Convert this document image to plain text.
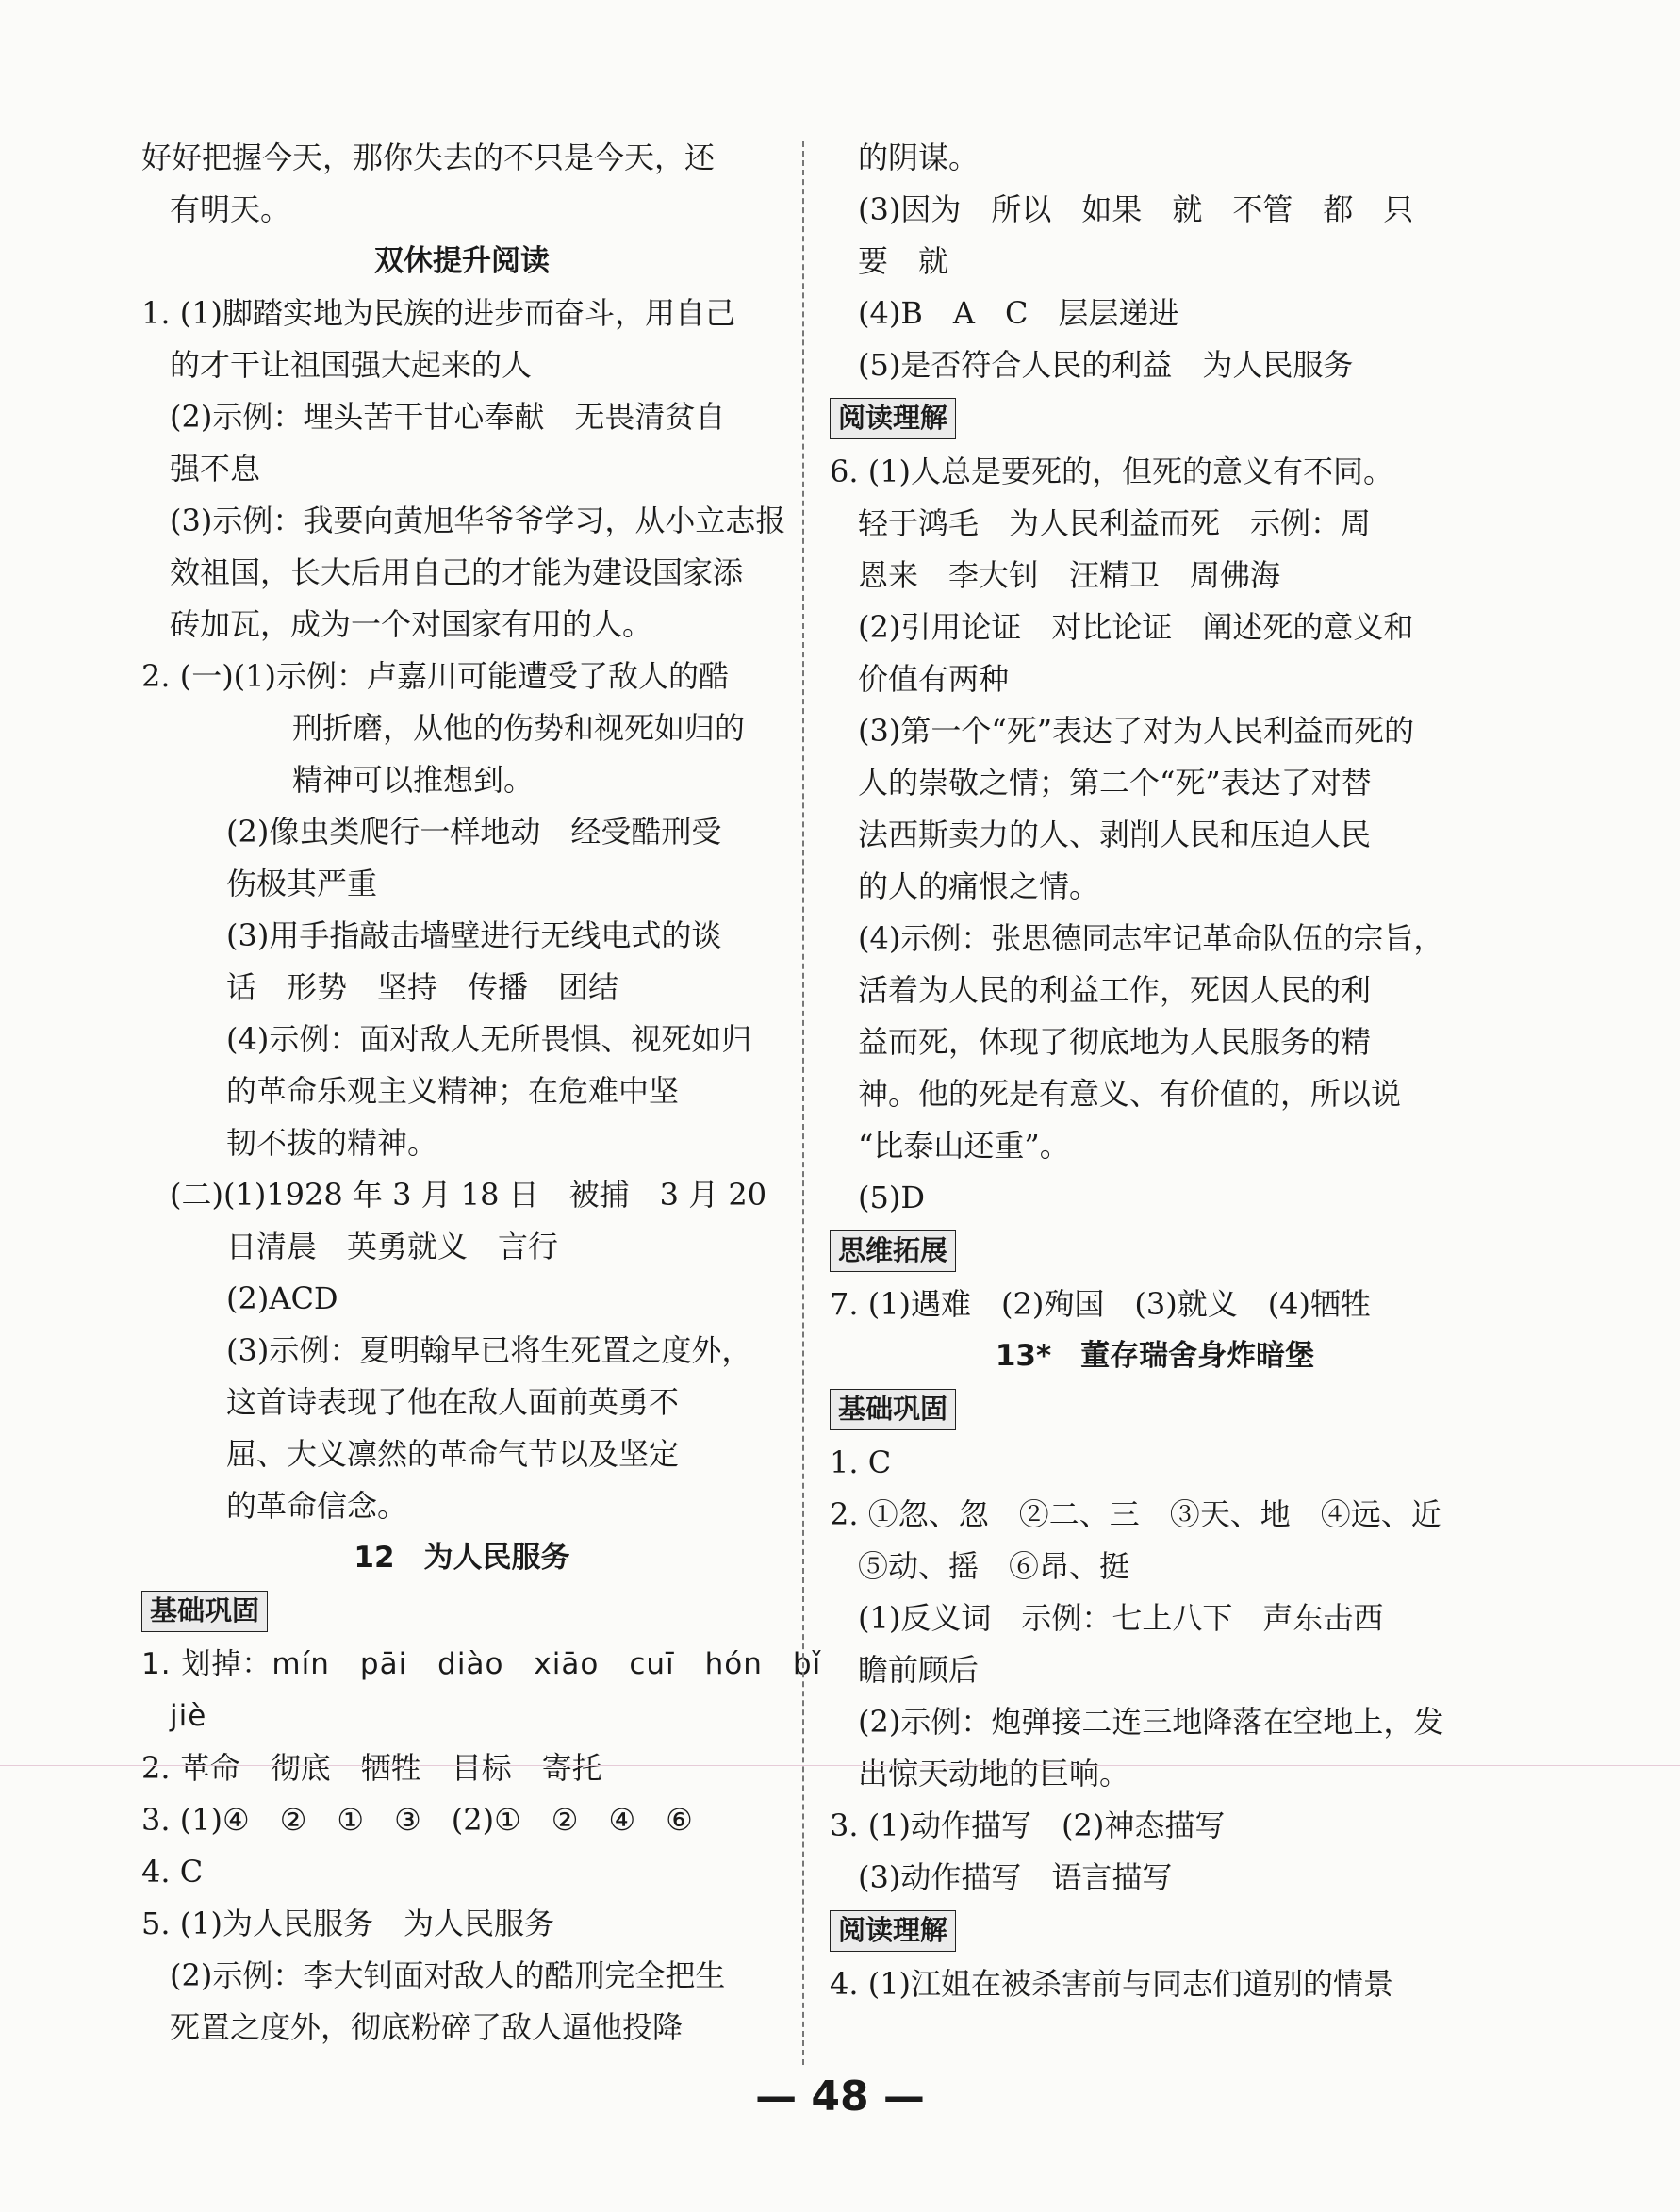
好好把握今天，那你失去的不只是今天，还
有明天。
双休提升阅读
1. (1)脚踏实地为民族的进步而奋斗，用自己
的才干让祖国强大起来的人
(2)示例：埋头苦干甘心奉献　无畏清贫自
强不息
(3)示例：我要向黄旭华爷爷学习，从小立志报
效祖国，长大后用自己的才能为建设国家添
砖加瓦，成为一个对国家有用的人。
2. (一)(1)示例：卢嘉川可能遭受了敌人的酷
刑折磨，从他的伤势和视死如归的
精神可以推想到。
(2)像虫类爬行一样地动　经受酷刑受
伤极其严重
(3)用手指敲击墙壁进行无线电式的谈
话　形势　坚持　传播　团结
(4)示例：面对敌人无所畏惧、视死如归
的革命乐观主义精神；在危难中坚
韧不拔的精神。
(二)(1)1928 年 3 月 18 日　被捕　3 月 20
日清晨　英勇就义　言行
(2)ACD
(3)示例：夏明翰早已将生死置之度外，
这首诗表现了他在敌人面前英勇不
屈、大义凛然的革命气节以及坚定
的革命信念。
12　为人民服务
基础巩固
1. 划掉：mín　pāi　diào　xiāo　cuī　hón　bǐ
jiè
2. 革命　彻底　牺牲　目标　寄托
3. (1)④　②　①　③　(2)①　②　④　⑥
4. C
5. (1)为人民服务　为人民服务
(2)示例：李大钊面对敌人的酷刑完全把生
死置之度外，彻底粉碎了敌人逼他投降
的阴谋。
(3)因为　所以　如果　就　不管　都　只
要　就
(4)B　A　C　层层递进
(5)是否符合人民的利益　为人民服务
阅读理解
6. (1)人总是要死的，但死的意义有不同。
轻于鸿毛　为人民利益而死　示例：周
恩来　李大钊　汪精卫　周佛海
(2)引用论证　对比论证　阐述死的意义和
价值有两种
(3)第一个“死”表达了对为人民利益而死的
人的崇敬之情；第二个“死”表达了对替
法西斯卖力的人、剥削人民和压迫人民
的人的痛恨之情。
(4)示例：张思德同志牢记革命队伍的宗旨，
活着为人民的利益工作，死因人民的利
益而死，体现了彻底地为人民服务的精
神。他的死是有意义、有价值的，所以说
“比泰山还重”。
(5)D
思维拓展
7. (1)遇难　(2)殉国　(3)就义　(4)牺牲
13*　董存瑞舍身炸暗堡
基础巩固
1. C
2. ①忽、忽　②二、三　③天、地　④远、近
⑤动、摇　⑥昂、挺
(1)反义词　示例：七上八下　声东击西
瞻前顾后
(2)示例：炮弹接二连三地降落在空地上，发
出惊天动地的巨响。
3. (1)动作描写　(2)神态描写
(3)动作描写　语言描写
阅读理解
4. (1)江姐在被杀害前与同志们道别的情景
— 48 —
